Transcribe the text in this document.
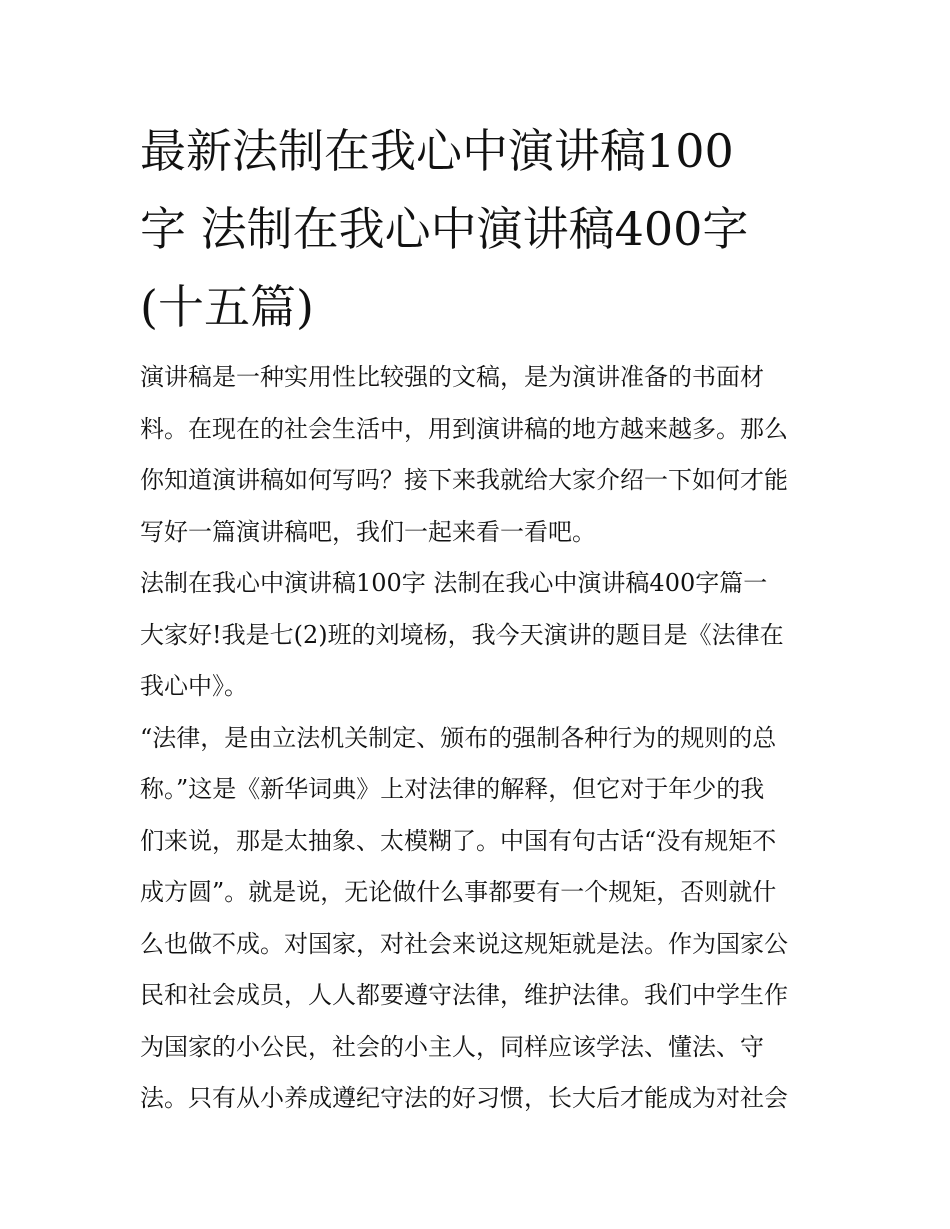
最新法制在我心中演讲稿100
字 法制在我心中演讲稿400字
(十五篇)
演讲稿是一种实用性比较强的文稿，是为演讲准备的书面材
料。在现在的社会生活中，用到演讲稿的地方越来越多。那么
你知道演讲稿如何写吗？接下来我就给大家介绍一下如何才能
写好一篇演讲稿吧，我们一起来看一看吧。
法制在我心中演讲稿100字 法制在我心中演讲稿400字篇一
大家好!我是七(2)班的刘境杨，我今天演讲的题目是《法律在
我心中》。
“法律，是由立法机关制定、颁布的强制各种行为的规则的总
称。”这是《新华词典》上对法律的解释，但它对于年少的我
们来说，那是太抽象、太模糊了。中国有句古话“没有规矩不
成方圆”。就是说，无论做什么事都要有一个规矩，否则就什
么也做不成。对国家，对社会来说这规矩就是法。作为国家公
民和社会成员，人人都要遵守法律，维护法律。我们中学生作
为国家的小公民，社会的小主人，同样应该学法、懂法、守
法。只有从小养成遵纪守法的好习惯，长大后才能成为对社会
